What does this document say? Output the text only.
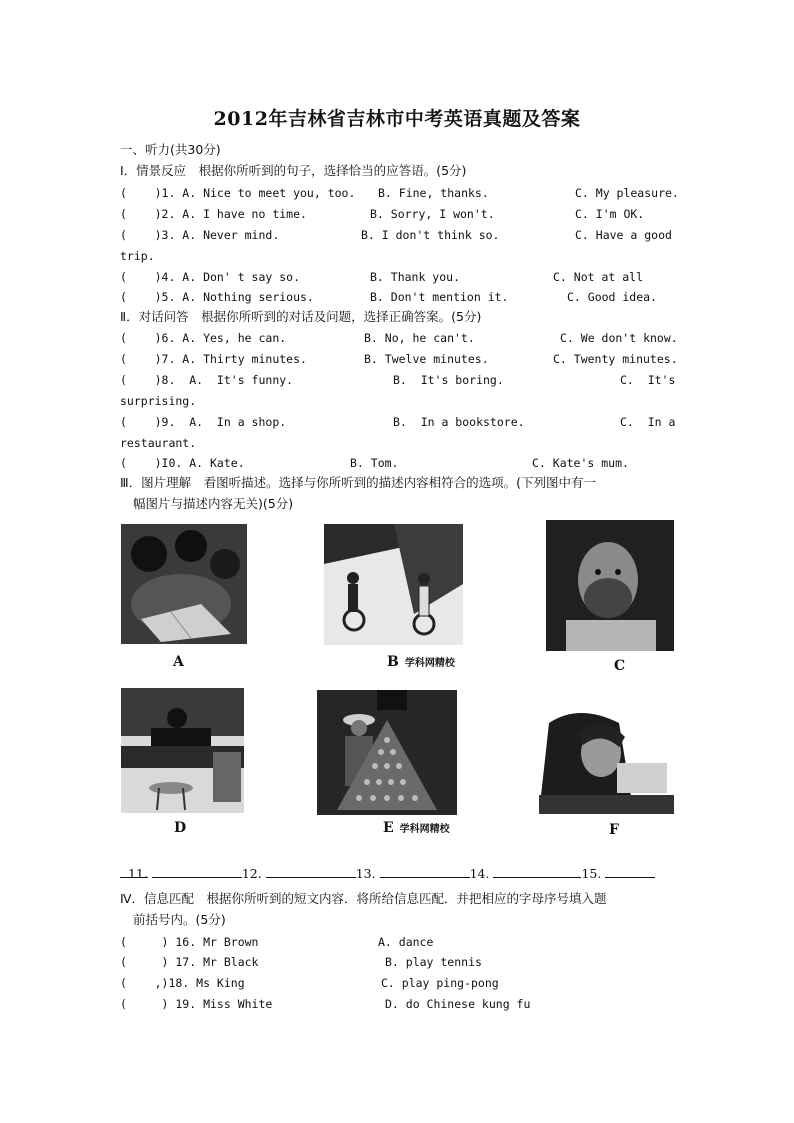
2012年吉林省吉林市中考英语真题及答案
一、听力(共30分)
Ⅰ．情景反应　根据你所听到的句子，选择恰当的应答语。(5分)
(    )1. A. Nice to meet you, too. B. Fine, thanks.	C. My pleasure.
(    )2. A. I have no time.	B. Sorry, I won't.	C. I'm OK.
(    )3. A. Never mind.	B. I don't think so.	C. Have a good
trip.
(    )4. A. Don' t say so.	B. Thank you.	C. Not at all
(    )5. A. Nothing serious.	B. Don't mention it.	C. Good idea.
Ⅱ．对话问答　根据你所听到的对话及问题，选择正确答案。(5分)
(    )6. A. Yes, he can.	B. No, he can't.	C. We don't know.
(    )7. A. Thirty minutes.	B. Twelve minutes.	C. Twenty minutes.
(    )8.  A.  It's funny.	B.  It's boring.	C.  It's
surprising.
(    )9.  A.  In a shop.	B.  In a bookstore.	C.  In a
restaurant.
(    )I0. A. Kate.	B. Tom.	C. Kate's mum.
Ⅲ．图片理解　看图听描述。选择与你所听到的描述内容相符合的选项。(下列图中有一
幅图片与描述内容无关)(5分)
A	B 学科网精校	C
D	E 学科网精校	F

11.	12.	13.	14.	15.

Ⅳ．信息匹配　根据你所听到的短文内容．将所给信息匹配．并把相应的字母序号填入题
前括号内。(5分)
(     ) 16. Mr Brown	A. dance
(     ) 17. Mr Black	B. play tennis
(    ,)18. Ms King	C. play ping-pong
(     ) 19. Miss White	D. do Chinese kung fu
